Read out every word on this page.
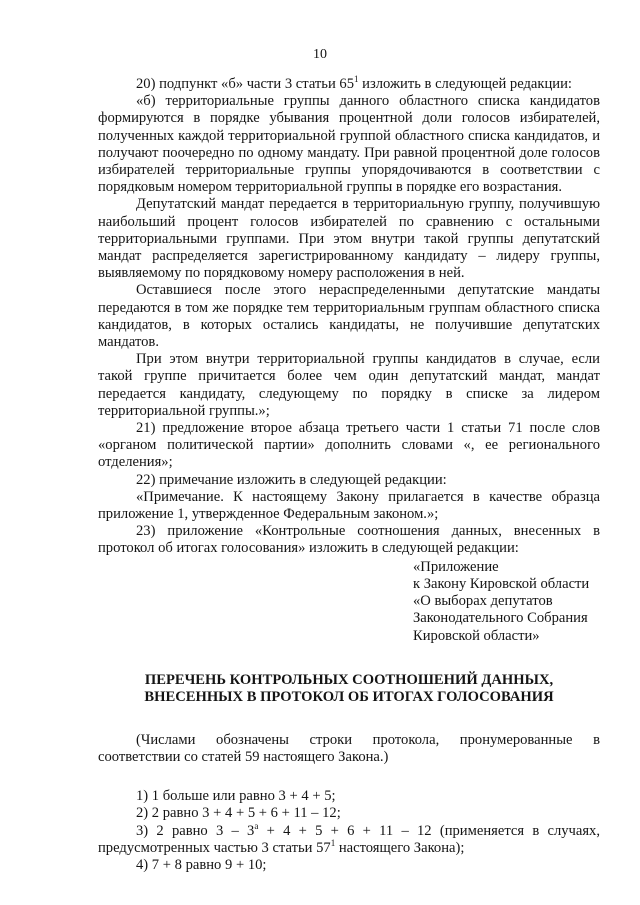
10
20) подпункт «б» части 3 статьи $65^1$ изложить в следующей редакции:
«б) территориальные группы данного областного списка кандидатов формируются в порядке убывания процентной доли голосов избирателей, полученных каждой территориальной группой областного списка кандидатов, и получают поочередно по одному мандату. При равной процентной доле голосов избирателей территориальные группы упорядочиваются в соответствии с порядковым номером территориальной группы в порядке его возрастания.
Депутатский мандат передается в территориальную группу, получившую наибольший процент голосов избирателей по сравнению с остальными территориальными группами. При этом внутри такой группы депутатский мандат распределяется зарегистрированному кандидату – лидеру группы, выявляемому по порядковому номеру расположения в ней.
Оставшиеся после этого нераспределенными депутатские мандаты передаются в том же порядке тем территориальным группам областного списка кандидатов, в которых остались кандидаты, не получившие депутатских мандатов.
При этом внутри территориальной группы кандидатов в случае, если такой группе причитается более чем один депутатский мандат, мандат передается кандидату, следующему по порядку в списке за лидером территориальной группы.»;
21) предложение второе абзаца третьего части 1 статьи 71 после слов «органом политической партии» дополнить словами «, ее регионального отделения»;
22) примечание изложить в следующей редакции:
«Примечание. К настоящему Закону прилагается в качестве образца приложение 1, утвержденное Федеральным законом.»;
23) приложение «Контрольные соотношения данных, внесенных в протокол об итогах голосования» изложить в следующей редакции:
«Приложение
к Закону Кировской области
«О выборах депутатов
Законодательного Собрания
Кировской области»
ПЕРЕЧЕНЬ КОНТРОЛЬНЫХ СООТНОШЕНИЙ ДАННЫХ,
ВНЕСЕННЫХ В ПРОТОКОЛ ОБ ИТОГАХ ГОЛОСОВАНИЯ
(Числами обозначены строки протокола, пронумерованные в соответствии со статей 59 настоящего Закона.)
1) 1 больше или равно 3 + 4 + 5;
2) 2 равно 3 + 4 + 5 + 6 + 11 – 12;
3) 2 равно $3 - 3^а + 4 + 5 + 6 + 11 - 12$ (применяется в случаях, предусмотренных частью 3 статьи $57^1$ настоящего Закона);
4) 7 + 8 равно 9 + 10;
